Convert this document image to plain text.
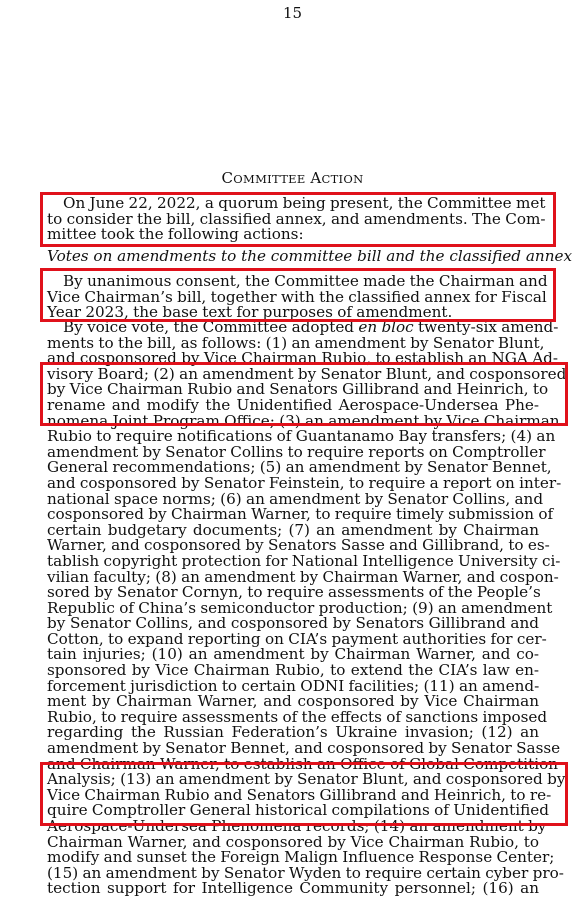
15
COMMITTEE ACTION
On June 22, 2022, a quorum being present, the Committee met
to consider the bill, classified annex, and amendments. The Com-
mittee took the following actions:
Votes on amendments to the committee bill and the classified annex
By unanimous consent, the Committee made the Chairman and
Vice Chairman’s bill, together with the classified annex for Fiscal
Year 2023, the base text for purposes of amendment.
By voice vote, the Committee adopted en bloc twenty-six amend-
ments to the bill, as follows: (1) an amendment by Senator Blunt,
and cosponsored by Vice Chairman Rubio, to establish an NGA Ad-
visory Board; (2) an amendment by Senator Blunt, and cosponsored
by Vice Chairman Rubio and Senators Gillibrand and Heinrich, to
rename and modify the Unidentified Aerospace-Undersea Phe-
nomena Joint Program Office; (3) an amendment by Vice Chairman
Rubio to require notifications of Guantanamo Bay transfers; (4) an
amendment by Senator Collins to require reports on Comptroller
General recommendations; (5) an amendment by Senator Bennet,
and cosponsored by Senator Feinstein, to require a report on inter-
national space norms; (6) an amendment by Senator Collins, and
cosponsored by Chairman Warner, to require timely submission of
certain budgetary documents; (7) an amendment by Chairman
Warner, and cosponsored by Senators Sasse and Gillibrand, to es-
tablish copyright protection for National Intelligence University ci-
vilian faculty; (8) an amendment by Chairman Warner, and cospon-
sored by Senator Cornyn, to require assessments of the People’s
Republic of China’s semiconductor production; (9) an amendment
by Senator Collins, and cosponsored by Senators Gillibrand and
Cotton, to expand reporting on CIA’s payment authorities for cer-
tain injuries; (10) an amendment by Chairman Warner, and co-
sponsored by Vice Chairman Rubio, to extend the CIA’s law en-
forcement jurisdiction to certain ODNI facilities; (11) an amend-
ment by Chairman Warner, and cosponsored by Vice Chairman
Rubio, to require assessments of the effects of sanctions imposed
regarding the Russian Federation’s Ukraine invasion; (12) an
amendment by Senator Bennet, and cosponsored by Senator Sasse
and Chairman Warner, to establish an Office of Global Competition
Analysis; (13) an amendment by Senator Blunt, and cosponsored by
Vice Chairman Rubio and Senators Gillibrand and Heinrich, to re-
quire Comptroller General historical compilations of Unidentified
Aerospace-Undersea Phenomena records; (14) an amendment by
Chairman Warner, and cosponsored by Vice Chairman Rubio, to
modify and sunset the Foreign Malign Influence Response Center;
(15) an amendment by Senator Wyden to require certain cyber pro-
tection support for Intelligence Community personnel; (16) an
